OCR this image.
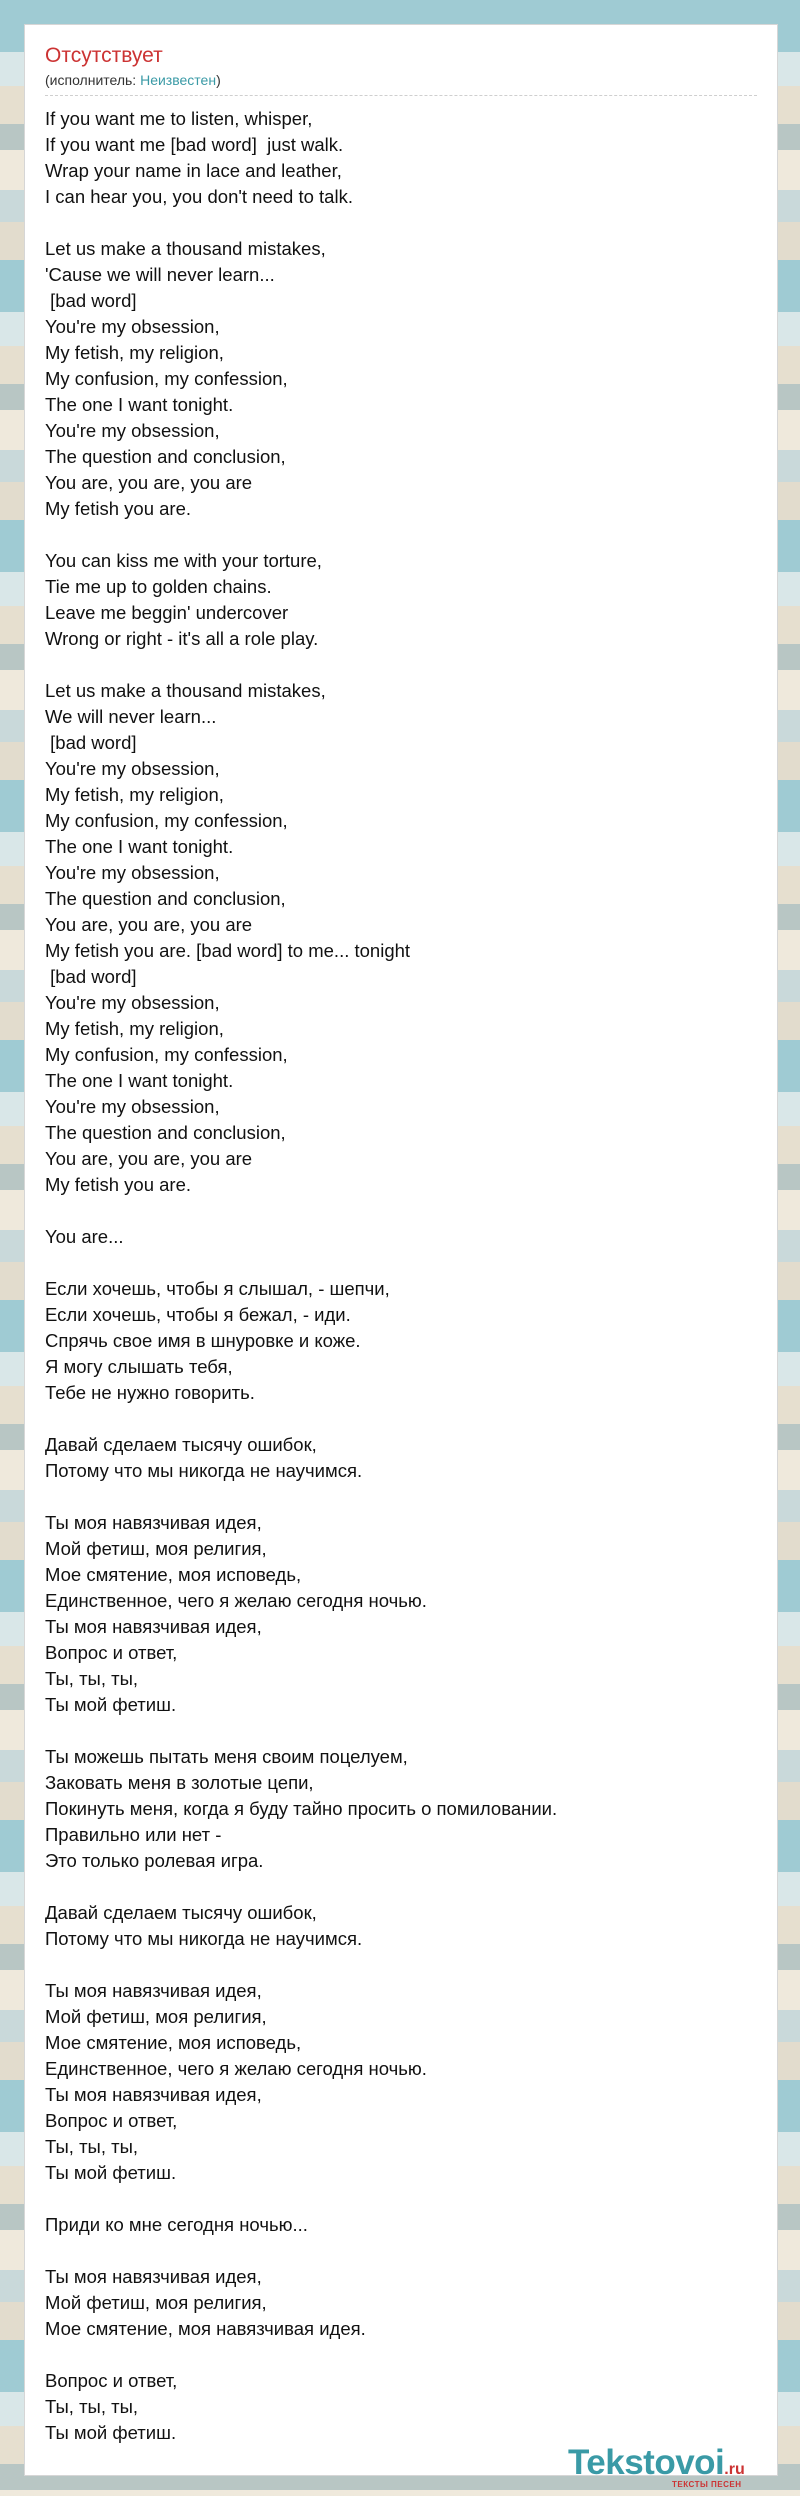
Отсутствует
(исполнитель: Неизвестен)
If you want me to listen, whisper,
If you want me [bad word]  just walk.
Wrap your name in lace and leather,
I can hear you, you don't need to talk.
Let us make a thousand mistakes,
'Cause we will never learn...
[bad word]
You're my obsession,
My fetish, my religion,
My confusion, my confession,
The one I want tonight.
You're my obsession,
The question and conclusion,
You are, you are, you are
My fetish you are.
You can kiss me with your torture,
Tie me up to golden chains.
Leave me beggin' undercover
Wrong or right - it's all a role play.
Let us make a thousand mistakes,
We will never learn...
[bad word]
You're my obsession,
My fetish, my religion,
My confusion, my confession,
The one I want tonight.
You're my obsession,
The question and conclusion,
You are, you are, you are
My fetish you are. [bad word] to me... tonight
[bad word]
You're my obsession,
My fetish, my religion,
My confusion, my confession,
The one I want tonight.
You're my obsession,
The question and conclusion,
You are, you are, you are
My fetish you are.
You are...
Если хочешь, чтобы я слышал, - шепчи,
Если хочешь, чтобы я бежал, - иди.
Спрячь свое имя в шнуровке и коже.
Я могу слышать тебя,
Тебе не нужно говорить.
Давай сделаем тысячу ошибок,
Потому что мы никогда не научимся.
Ты моя навязчивая идея,
Мой фетиш, моя религия,
Мое смятение, моя исповедь,
Единственное, чего я желаю сегодня ночью.
Ты моя навязчивая идея,
Вопрос и ответ,
Ты, ты, ты,
Ты мой фетиш.
Ты можешь пытать меня своим поцелуем,
Заковать меня в золотые цепи,
Покинуть меня, когда я буду тайно просить о помиловании.
Правильно или нет -
Это только ролевая игра.
Давай сделаем тысячу ошибок,
Потому что мы никогда не научимся.
Ты моя навязчивая идея,
Мой фетиш, моя религия,
Мое смятение, моя исповедь,
Единственное, чего я желаю сегодня ночью.
Ты моя навязчивая идея,
Вопрос и ответ,
Ты, ты, ты,
Ты мой фетиш.
Приди ко мне сегодня ночью...
Ты моя навязчивая идея,
Мой фетиш, моя религия,
Мое смятение, моя навязчивая идея.
Вопрос и ответ,
Ты, ты, ты,
Ты мой фетиш.
Tekstovoi.ru
ТЕКСТЫ ПЕСЕН
